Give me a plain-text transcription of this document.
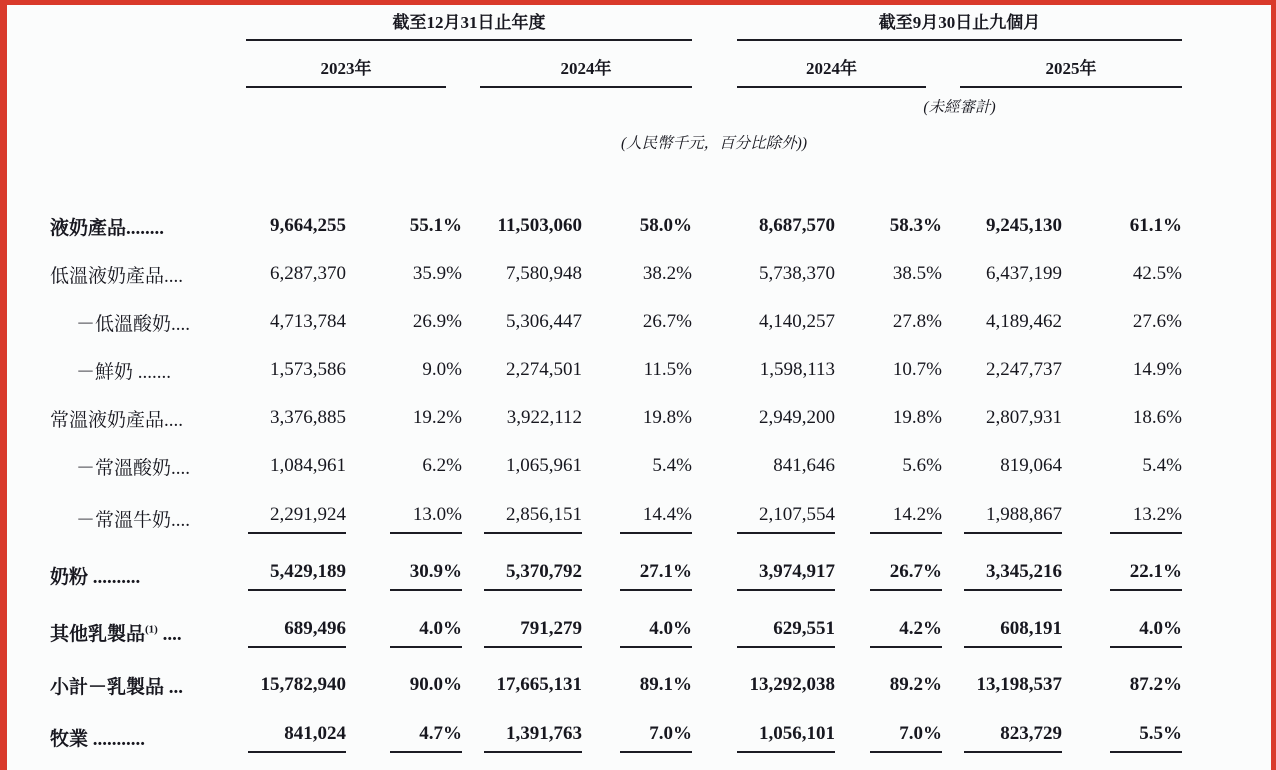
	截至12月31日止年度					截至9月30日止九個月			

	2023年		2024年			2024年		2025年	

						(未經審計)			
	(人民幣千元，百分比除外))								

液奶產品........	9,664,255	55.1%	11,503,060	58.0%		8,687,570	58.3%	9,245,130	61.1%

低溫液奶產品....	6,287,370	35.9%	7,580,948	38.2%		5,738,370	38.5%	6,437,199	42.5%

－低溫酸奶....	4,713,784	26.9%	5,306,447	26.7%		4,140,257	27.8%	4,189,462	27.6%

－鮮奶 .......	1,573,586	9.0%	2,274,501	11.5%		1,598,113	10.7%	2,247,737	14.9%

常溫液奶產品....	3,376,885	19.2%	3,922,112	19.8%		2,949,200	19.8%	2,807,931	18.6%

－常溫酸奶....	1,084,961	6.2%	1,065,961	5.4%		841,646	5.6%	819,064	5.4%

－常溫牛奶....	2,291,924	13.0%	2,856,151	14.4%		2,107,554	14.2%	1,988,867	13.2%

奶粉 ..........	5,429,189	30.9%	5,370,792	27.1%		3,974,917	26.7%	3,345,216	22.1%

其他乳製品$^{(1)}$ ....	689,496	4.0%	791,279	4.0%		629,551	4.2%	608,191	4.0%

小計－乳製品 ...	15,782,940	90.0%	17,665,131	89.1%		13,292,038	89.2%	13,198,537	87.2%

牧業 ...........	841,024	4.7%	1,391,763	7.0%		1,056,101	7.0%	823,729	5.5%
